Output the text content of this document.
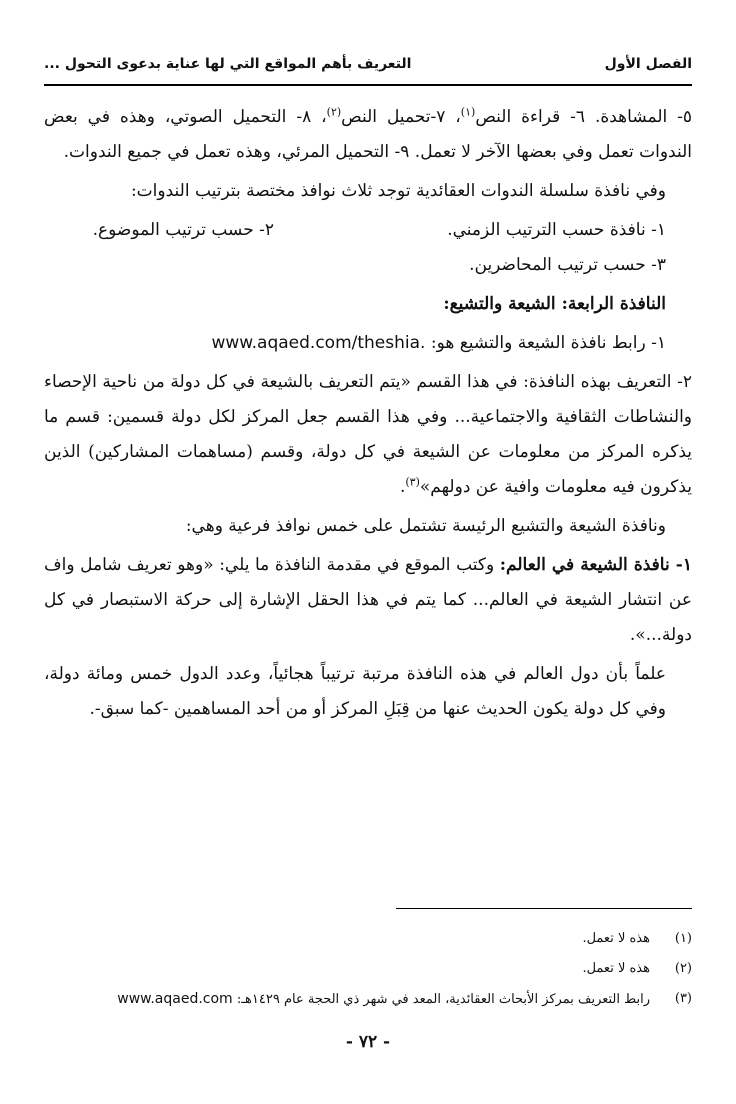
الفصل الأول
التعريف بأهم المواقع التي لها عناية بدعوى التحول ...

٥- المشاهدة. ٦- قراءة النص$^{(١)}$، ٧-تحميل النص$^{(٢)}$، ٨- التحميل الصوتي، وهذه في بعض الندوات تعمل وفي بعضها الآخر لا تعمل. ٩- التحميل المرئي، وهذه تعمل في جميع الندوات.

وفي نافذة سلسلة الندوات العقائدية توجد ثلاث نوافذ مختصة بترتيب الندوات:

١- نافذة حسب الترتيب الزمني.
٢- حسب ترتيب الموضوع.

٣- حسب ترتيب المحاضرين.

النافذة الرابعة: الشيعة والتشيع:

١- رابط نافذة الشيعة والتشيع هو: www.aqaed.com/theshia.

٢- التعريف بهذه النافذة: في هذا القسم «يتم التعريف بالشيعة في كل دولة من ناحية الإحصاء والنشاطات الثقافية والاجتماعية... وفي هذا القسم جعل المركز لكل دولة قسمين: قسم ما يذكره المركز من معلومات عن الشيعة في كل دولة، وقسم (مساهمات المشاركين) الذين يذكرون فيه معلومات وافية عن دولهم»$^{(٣)}$.

ونافذة الشيعة والتشيع الرئيسة تشتمل على خمس نوافذ فرعية وهي:

١- نافذة الشيعة في العالم: وكتب الموقع في مقدمة النافذة ما يلي: «وهو تعريف شامل واف عن انتشار الشيعة في العالم... كما يتم في هذا الحقل الإشارة إلى حركة الاستبصار في كل دولة...».

علماً بأن دول العالم في هذه النافذة مرتبة ترتيباً هجائياً، وعدد الدول خمس ومائة دولة، وفي كل دولة يكون الحديث عنها من قِبَلِ المركز أو من أحد المساهمين -كما سبق-.

(١)
هذه لا تعمل.
(٢)
هذه لا تعمل.
(٣)
رابط التعريف بمركز الأبحاث العقائدية، المعد في شهر ذي الحجة عام ١٤٢٩هـ: www.aqaed.com
- ٧٢ -
